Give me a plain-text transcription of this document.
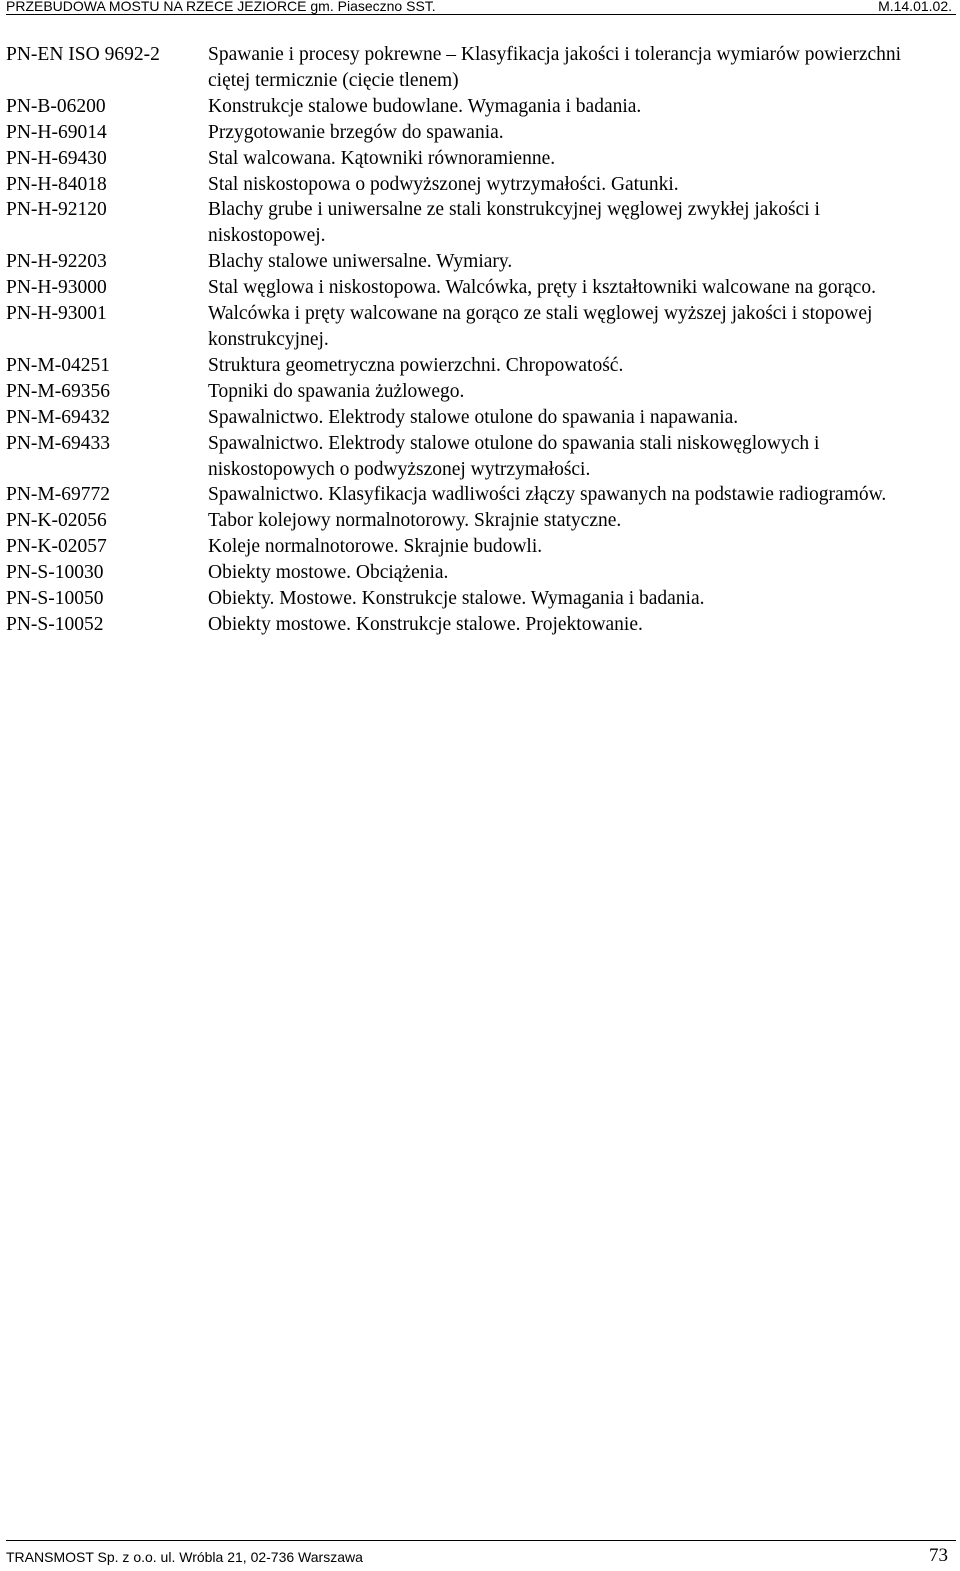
PRZEBUDOWA MOSTU NA RZECE JEZIORCE gm. Piaseczno SST.	M.14.01.02.
PN-EN ISO 9692-2	Spawanie i procesy pokrewne – Klasyfikacja jakości i tolerancja wymiarów powierzchni ciętej termicznie (cięcie tlenem)
PN-B-06200	Konstrukcje stalowe budowlane. Wymagania i badania.
PN-H-69014	Przygotowanie brzegów do spawania.
PN-H-69430	Stal walcowana. Kątowniki równoramienne.
PN-H-84018	Stal niskostopowa o podwyższonej wytrzymałości. Gatunki.
PN-H-92120	Blachy grube i uniwersalne ze stali konstrukcyjnej węglowej zwykłej jakości i niskostopowej.
PN-H-92203	Blachy stalowe uniwersalne. Wymiary.
PN-H-93000	Stal węglowa i niskostopowa. Walcówka, pręty i kształtowniki walcowane na gorąco.
PN-H-93001	Walcówka i pręty walcowane na gorąco ze stali węglowej wyższej jakości i stopowej konstrukcyjnej.
PN-M-04251	Struktura geometryczna powierzchni. Chropowatość.
PN-M-69356	Topniki do spawania żużlowego.
PN-M-69432	Spawalnictwo. Elektrody stalowe otulone do spawania i napawania.
PN-M-69433	Spawalnictwo. Elektrody stalowe otulone do spawania stali niskowęglowych i niskostopowych o podwyższonej wytrzymałości.
PN-M-69772	Spawalnictwo. Klasyfikacja wadliwości złączy spawanych na podstawie radiogramów.
PN-K-02056	Tabor kolejowy normalnotorowy. Skrajnie statyczne.
PN-K-02057	Koleje normalnotorowe. Skrajnie budowli.
PN-S-10030	Obiekty mostowe. Obciążenia.
PN-S-10050	Obiekty. Mostowe. Konstrukcje stalowe. Wymagania i badania.
PN-S-10052	Obiekty mostowe. Konstrukcje stalowe. Projektowanie.
TRANSMOST Sp. z o.o. ul. Wróbla 21, 02-736 Warszawa	73
